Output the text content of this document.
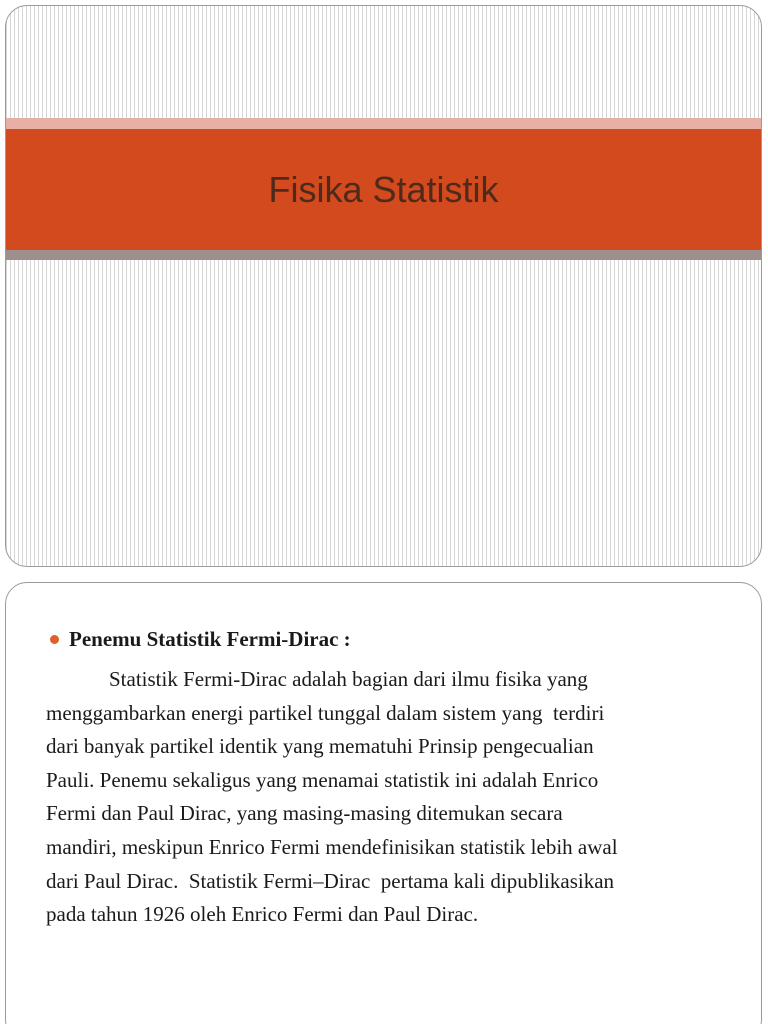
Fisika Statistik
Penemu Statistik Fermi-Dirac :

Statistik Fermi-Dirac adalah bagian dari ilmu fisika yang
menggambarkan energi partikel tunggal dalam sistem yang  terdiri
dari banyak partikel identik yang mematuhi Prinsip pengecualian
Pauli. Penemu sekaligus yang menamai statistik ini adalah Enrico
Fermi dan Paul Dirac, yang masing-masing ditemukan secara
mandiri, meskipun Enrico Fermi mendefinisikan statistik lebih awal
dari Paul Dirac.  Statistik Fermi–Dirac  pertama kali dipublikasikan
pada tahun 1926 oleh Enrico Fermi dan Paul Dirac.
